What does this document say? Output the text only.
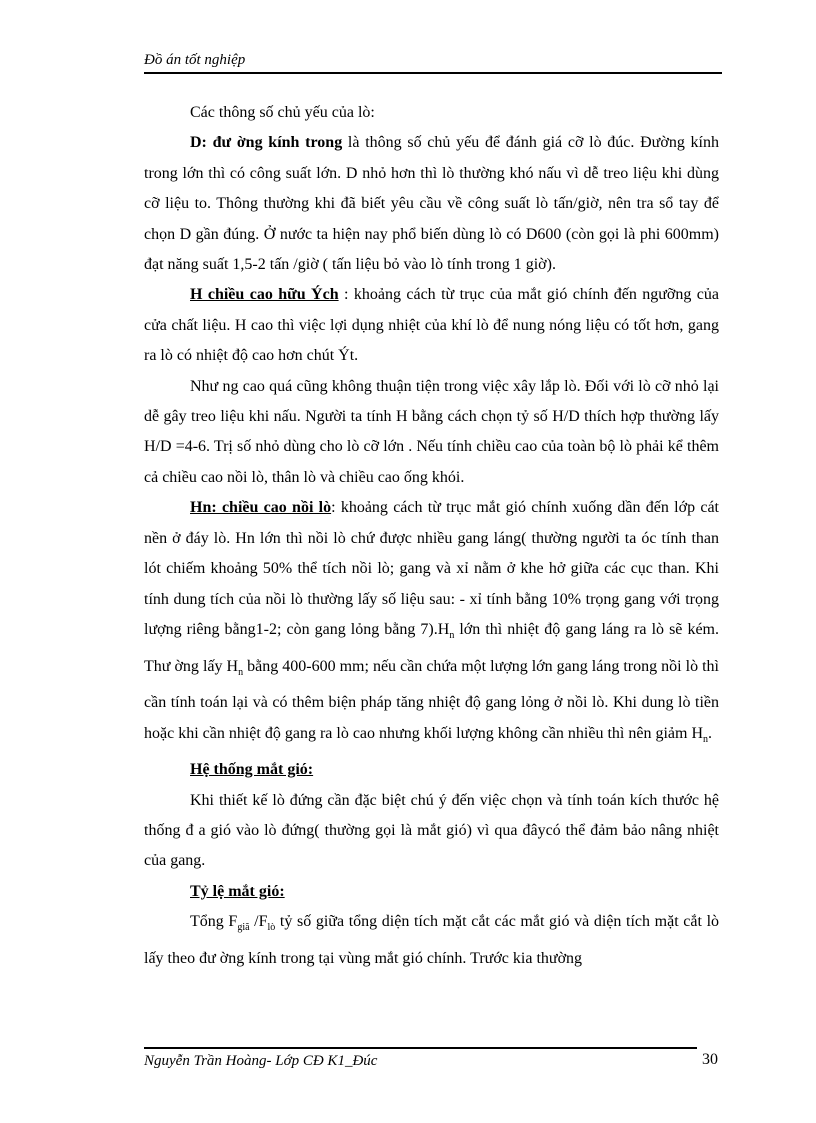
Đồ án tốt nghiệp

Các thông số chủ yếu của lò:

D: đư ờng kính trong là thông số chủ yếu để đánh giá cỡ lò đúc. Đường kính trong lớn thì có công suất lớn. D nhỏ hơn thì lò thường khó nấu vì dễ treo liệu khi dùng cỡ liệu to. Thông thường khi đã biết yêu cầu về công suất lò tấn/giờ, nên tra sổ tay để chọn D gần đúng. Ở nước ta hiện nay phổ biến dùng lò có D600 (còn gọi là phi 600mm) đạt năng suất 1,5-2 tấn /giờ ( tấn liệu bỏ vào lò tính trong 1 giờ).

H chiều cao hữu Ých : khoảng cách từ trục của mắt gió chính đến ngưỡng của cửa chất liệu. H cao thì việc lợi dụng nhiệt của khí lò để nung nóng liệu có tốt hơn, gang ra lò có nhiệt độ cao hơn chút Ýt.

Như ng cao quá cũng không thuận tiện trong việc xây lắp lò. Đối với lò cỡ nhỏ lại dễ gây treo liệu khi nấu. Người ta tính H bằng cách chọn tỷ số H/D thích hợp thường lấy H/D =4-6. Trị số nhỏ dùng cho lò cỡ lớn . Nếu tính chiều cao của toàn bộ lò phải kể thêm cả chiều cao nồi lò, thân lò và chiều cao ống khói.

Hn: chiều cao nồi lò: khoảng cách từ trục mắt gió chính xuống dần đến lớp cát nền ở đáy lò. Hn lớn thì nồi lò chứ được nhiều gang láng( thường người ta óc tính than lót chiếm khoảng 50% thể tích nồi lò; gang và xỉ nằm ở khe hở giữa các cục than. Khi tính dung tích của nồi lò thường lấy số liệu sau: - xỉ tính bằng 10% trọng gang với trọng lượng riêng bằng1-2; còn gang lỏng bằng $7).H_n$ lớn thì nhiệt độ gang láng ra lò sẽ kém. Thư ờng lấy $H_n$ bằng 400-600 mm; nếu cần chứa một lượng lớn gang láng trong nồi lò thì cần tính toán lại và có thêm biện pháp tăng nhiệt độ gang lỏng ở nồi lò. Khi dung lò tiền hoặc khi cần nhiệt độ gang ra lò cao nhưng khối lượng không cần nhiều thì nên giảm $H_n$.

Hệ thống mắt gió:

Khi thiết kế lò đứng cần đặc biệt chú ý đến việc chọn và tính toán kích thước hệ thống đ a gió vào lò đứng( thường gọi là mắt gió) vì qua đâycó thể đảm bảo nâng nhiệt của gang.

Tỷ lệ mắt gió:

Tổng $F_{giã}$ $/F_{lò}$ tỷ số giữa tổng diện tích mặt cắt các mắt gió và diện tích mặt cắt lò lấy theo đư ờng kính trong tại vùng mắt gió chính. Trước kia thường

Nguyễn Trần Hoàng- Lớp CĐ K1_Đúc	30
